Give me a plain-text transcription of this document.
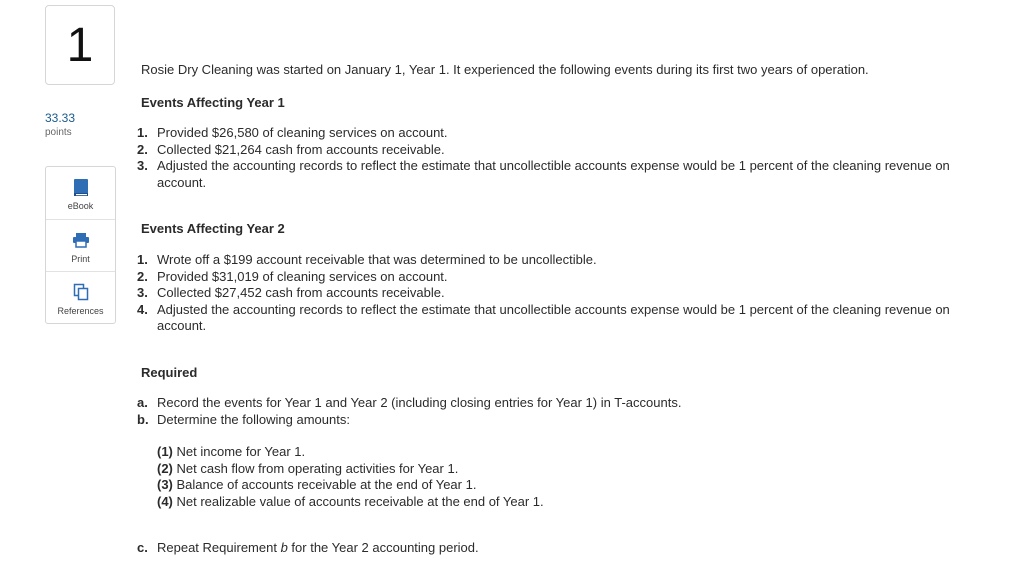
1
33.33
points
eBook
Print
References
Rosie Dry Cleaning was started on January 1, Year 1. It experienced the following events during its first two years of operation.
Events Affecting Year 1
1. Provided $26,580 of cleaning services on account.
2. Collected $21,264 cash from accounts receivable.
3. Adjusted the accounting records to reflect the estimate that uncollectible accounts expense would be 1 percent of the cleaning revenue on account.
Events Affecting Year 2
1. Wrote off a $199 account receivable that was determined to be uncollectible.
2. Provided $31,019 of cleaning services on account.
3. Collected $27,452 cash from accounts receivable.
4. Adjusted the accounting records to reflect the estimate that uncollectible accounts expense would be 1 percent of the cleaning revenue on account.
Required
a. Record the events for Year 1 and Year 2 (including closing entries for Year 1) in T-accounts.
b. Determine the following amounts:
(1) Net income for Year 1.
(2) Net cash flow from operating activities for Year 1.
(3) Balance of accounts receivable at the end of Year 1.
(4) Net realizable value of accounts receivable at the end of Year 1.
c. Repeat Requirement b for the Year 2 accounting period.
